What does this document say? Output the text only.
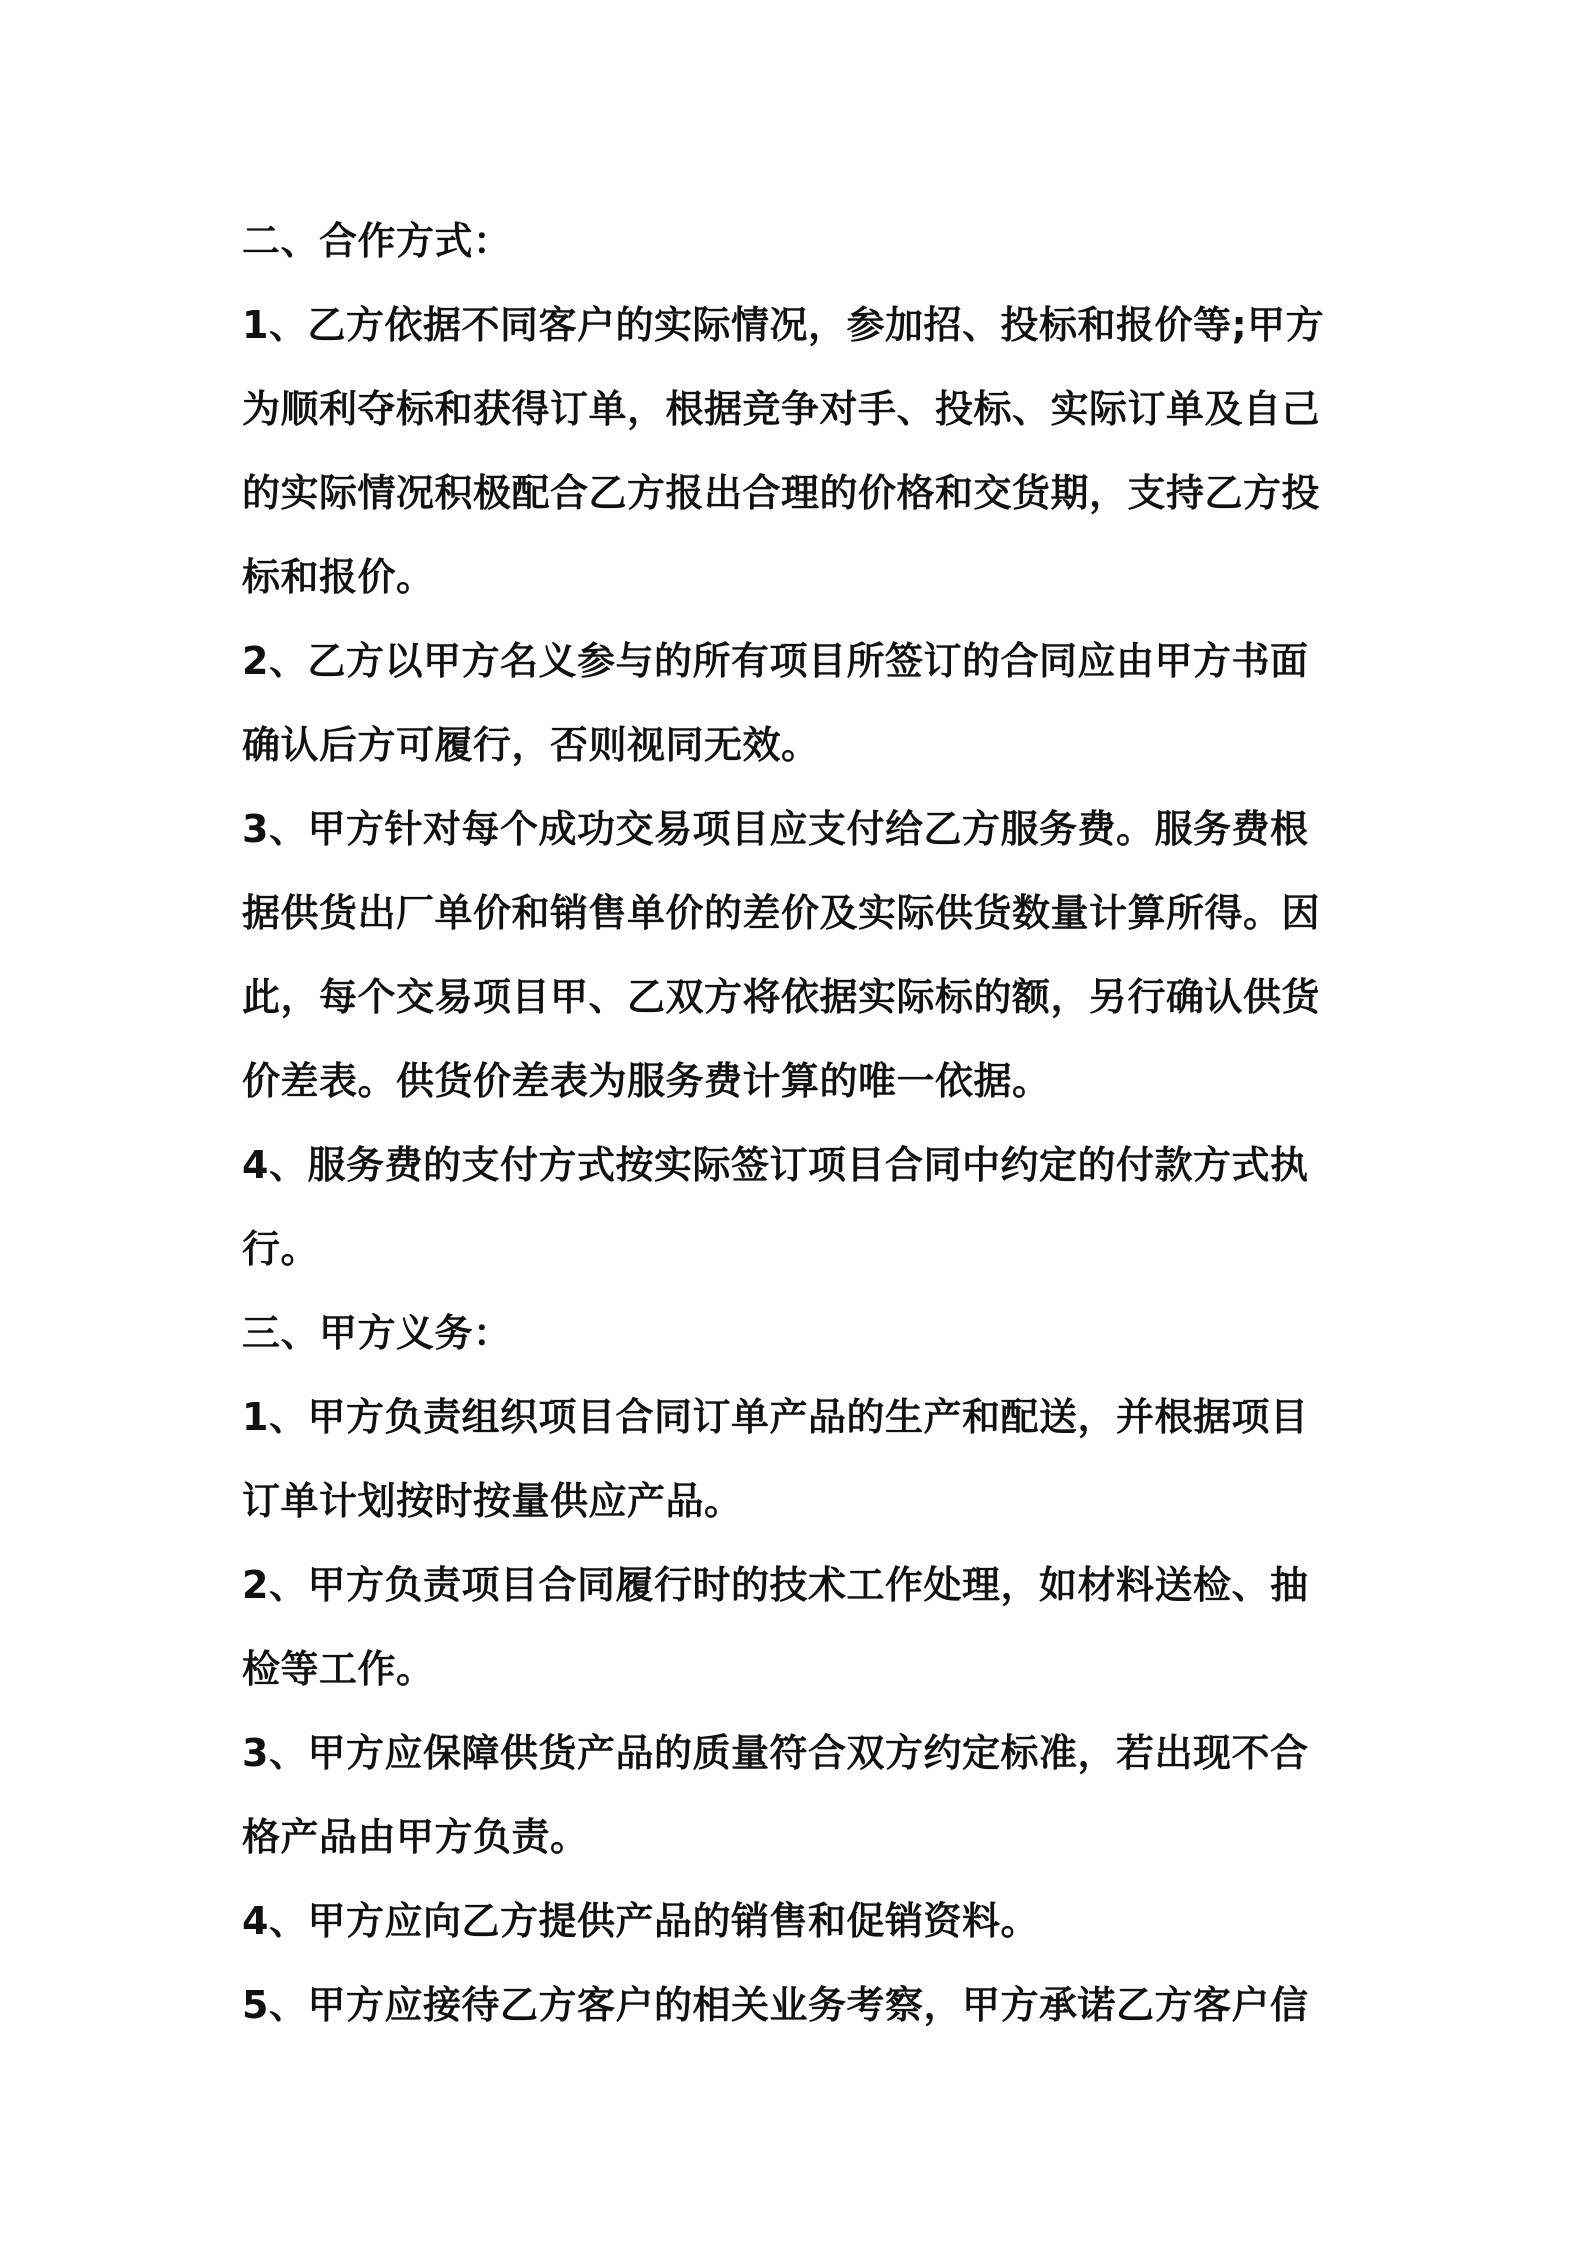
二、合作方式：
1、乙方依据不同客户的实际情况，参加招、投标和报价等;甲方
为顺利夺标和获得订单，根据竞争对手、投标、实际订单及自己
的实际情况积极配合乙方报出合理的价格和交货期，支持乙方投
标和报价。
2、乙方以甲方名义参与的所有项目所签订的合同应由甲方书面
确认后方可履行，否则视同无效。
3、甲方针对每个成功交易项目应支付给乙方服务费。服务费根
据供货出厂单价和销售单价的差价及实际供货数量计算所得。因
此，每个交易项目甲、乙双方将依据实际标的额，另行确认供货
价差表。供货价差表为服务费计算的唯一依据。
4、服务费的支付方式按实际签订项目合同中约定的付款方式执
行。
三、甲方义务：
1、甲方负责组织项目合同订单产品的生产和配送，并根据项目
订单计划按时按量供应产品。
2、甲方负责项目合同履行时的技术工作处理，如材料送检、抽
检等工作。
3、甲方应保障供货产品的质量符合双方约定标准，若出现不合
格产品由甲方负责。
4、甲方应向乙方提供产品的销售和促销资料。
5、甲方应接待乙方客户的相关业务考察，甲方承诺乙方客户信
